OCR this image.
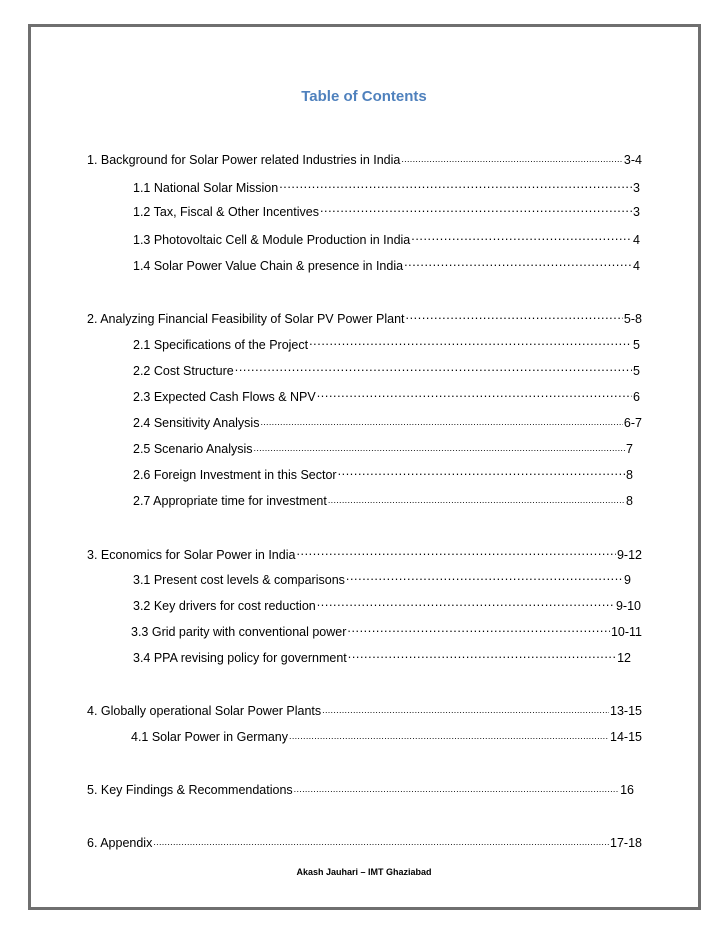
Table of Contents
1. Background for Solar Power related Industries in India .....	3-4
1.1 National Solar Mission .....	3
1.2 Tax, Fiscal & Other Incentives .....	3
1.3 Photovoltaic Cell & Module Production in India .....	4
1.4 Solar Power Value Chain & presence in India .....	4
2. Analyzing Financial Feasibility of Solar PV Power Plant .....	5-8
2.1 Specifications of the Project .....	5
2.2 Cost Structure .....	5
2.3 Expected Cash Flows & NPV .....	6
2.4 Sensitivity Analysis .....	6-7
2.5 Scenario Analysis .....	7
2.6 Foreign Investment in this Sector .....	8
2.7 Appropriate time for investment .....	8
3. Economics for Solar Power in India .....	9-12
3.1 Present cost levels & comparisons .....	9
3.2 Key drivers for cost reduction .....	9-10
3.3 Grid parity with conventional power .....	10-11
3.4 PPA revising policy for government .....	12
4. Globally operational Solar Power Plants .....	13-15
4.1 Solar Power in Germany .....	14-15
5. Key Findings & Recommendations .....	16
6. Appendix .....	17-18
Akash Jauhari – IMT Ghaziabad
